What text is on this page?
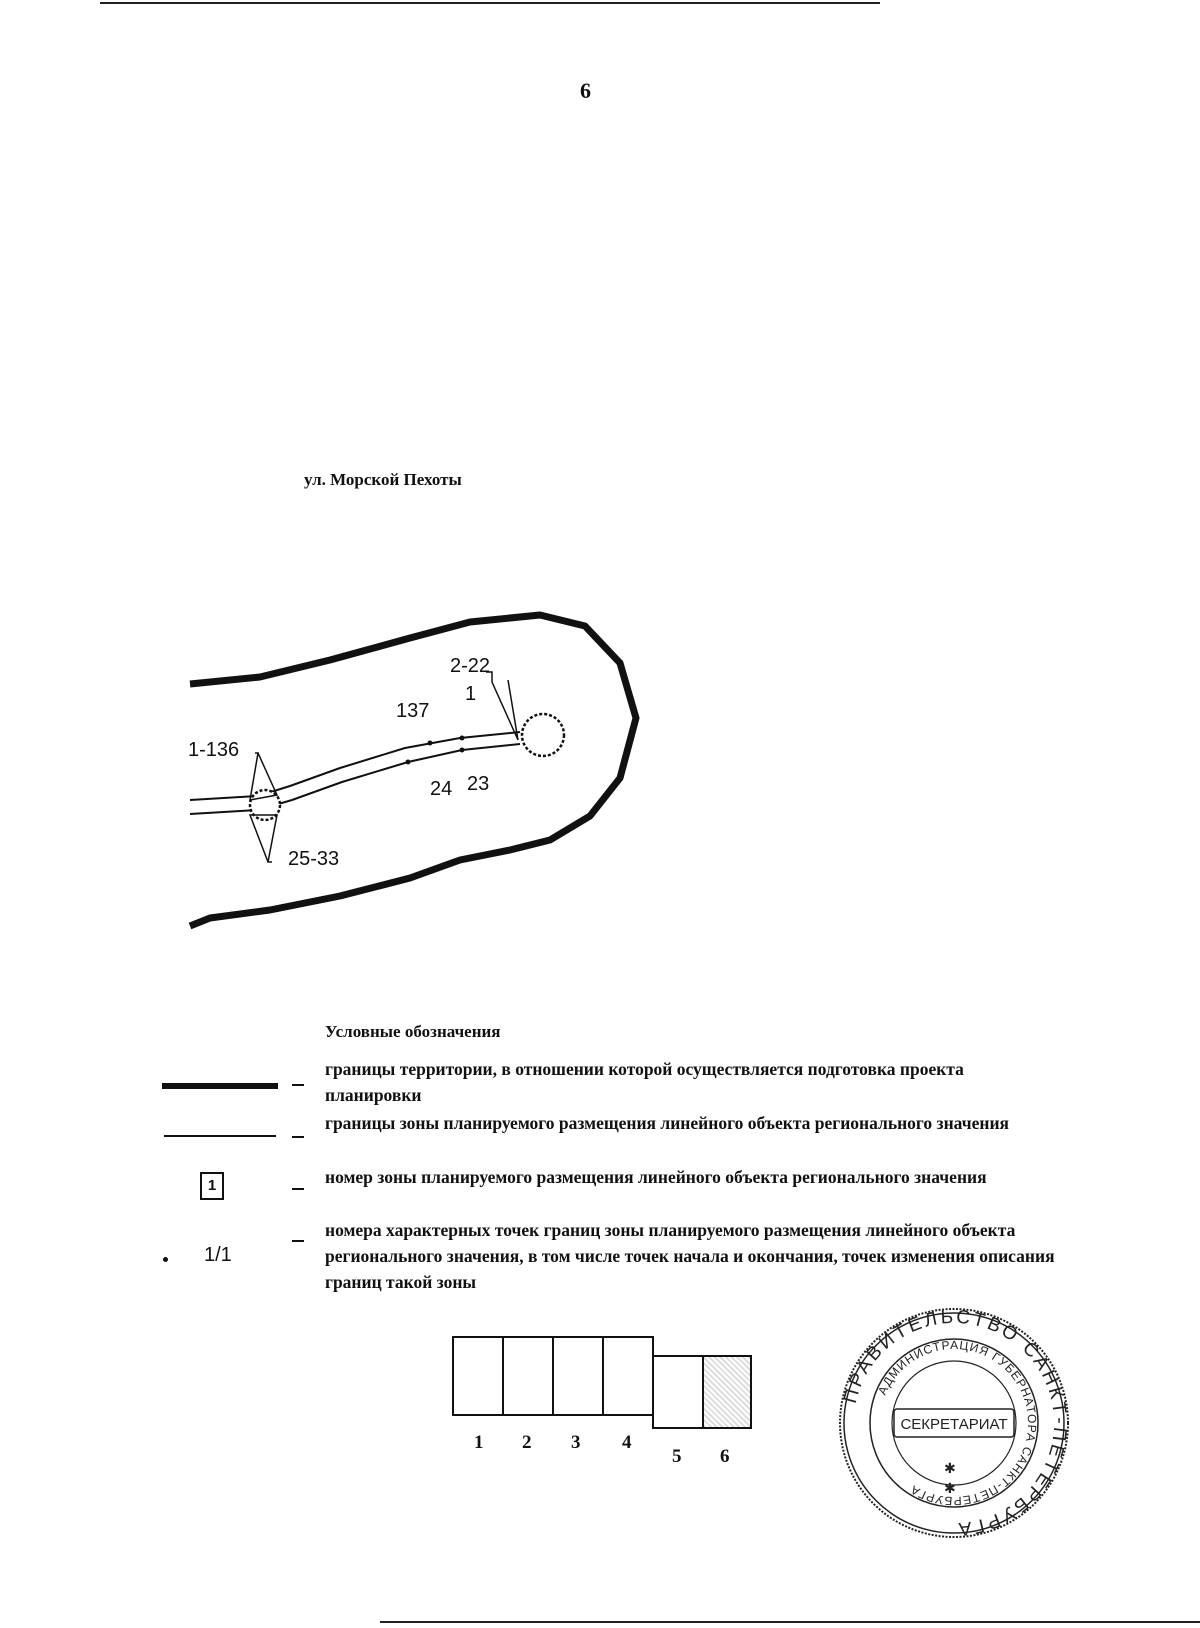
6
ул. Морской Пехоты
2-22
1
137
1-136
24 23
25-33
Условные обозначения
границы территории, в отношении которой осуществляется подготовка проекта планировки
границы зоны планируемого размещения линейного объекта регионального значения
1	номер зоны планируемого размещения линейного объекта регионального значения
1/1
номера характерных точек границ зоны планируемого размещения линейного объекта регионального значения, в том числе точек начала и окончания, точек изменения описания границ такой зоны
1 2 3 4
5 6
ПРАВИТЕЛЬСТВО САНКТ-ПЕТЕРБУРГА
АДМИНИСТРАЦИЯ ГУБЕРНАТОРА САНКТ-ПЕТЕРБУРГА
СЕКРЕТАРИАТ
✱
✱
